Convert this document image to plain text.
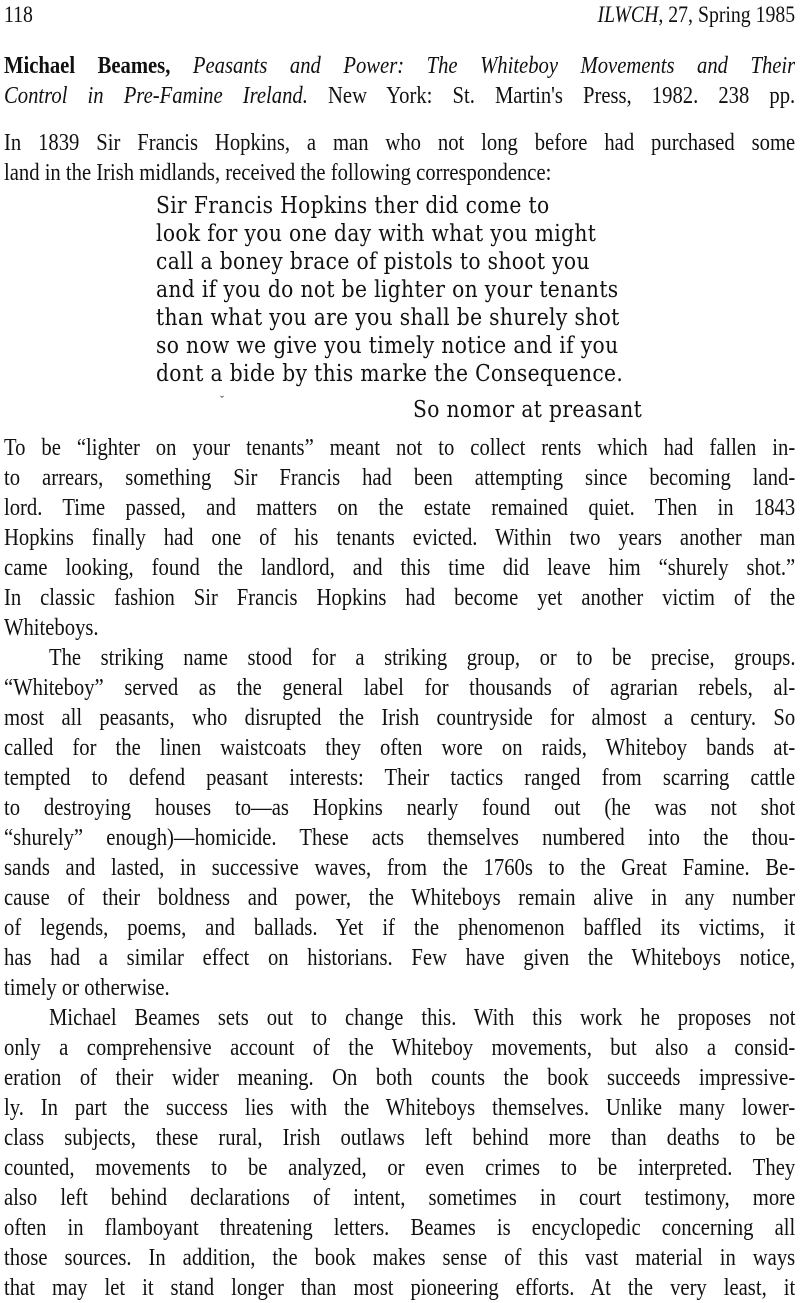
118	ILWCH, 27, Spring 1985
Michael Beames, Peasants and Power: The Whiteboy Movements and Their
Control in Pre-Famine Ireland. New York: St. Martin's Press, 1982. 238 pp.
In 1839 Sir Francis Hopkins, a man who not long before had purchased some
land in the Irish midlands, received the following correspondence:
Sir Francis Hopkins ther did come to
look for you one day with what you might
call a boney brace of pistols to shoot you
and if you do not be lighter on your tenants
than what you are you shall be shurely shot
so now we give you timely notice and if you
dont a bide by this marke the Consequence.
ˇ	So nomor at preasant
To be “lighter on your tenants” meant not to collect rents which had fallen in-
to arrears, something Sir Francis had been attempting since becoming land-
lord. Time passed, and matters on the estate remained quiet. Then in 1843
Hopkins finally had one of his tenants evicted. Within two years another man
came looking, found the landlord, and this time did leave him “shurely shot.”
In classic fashion Sir Francis Hopkins had become yet another victim of the
Whiteboys.
The striking name stood for a striking group, or to be precise, groups.
“Whiteboy” served as the general label for thousands of agrarian rebels, al-
most all peasants, who disrupted the Irish countryside for almost a century. So
called for the linen waistcoats they often wore on raids, Whiteboy bands at-
tempted to defend peasant interests: Their tactics ranged from scarring cattle
to destroying houses to—as Hopkins nearly found out (he was not shot
“shurely” enough)—homicide. These acts themselves numbered into the thou-
sands and lasted, in successive waves, from the 1760s to the Great Famine. Be-
cause of their boldness and power, the Whiteboys remain alive in any number
of legends, poems, and ballads. Yet if the phenomenon baffled its victims, it
has had a similar effect on historians. Few have given the Whiteboys notice,
timely or otherwise.
Michael Beames sets out to change this. With this work he proposes not
only a comprehensive account of the Whiteboy movements, but also a consid-
eration of their wider meaning. On both counts the book succeeds impressive-
ly. In part the success lies with the Whiteboys themselves. Unlike many lower-
class subjects, these rural, Irish outlaws left behind more than deaths to be
counted, movements to be analyzed, or even crimes to be interpreted. They
also left behind declarations of intent, sometimes in court testimony, more
often in flamboyant threatening letters. Beames is encyclopedic concerning all
those sources. In addition, the book makes sense of this vast material in ways
that may let it stand longer than most pioneering efforts. At the very least, it
